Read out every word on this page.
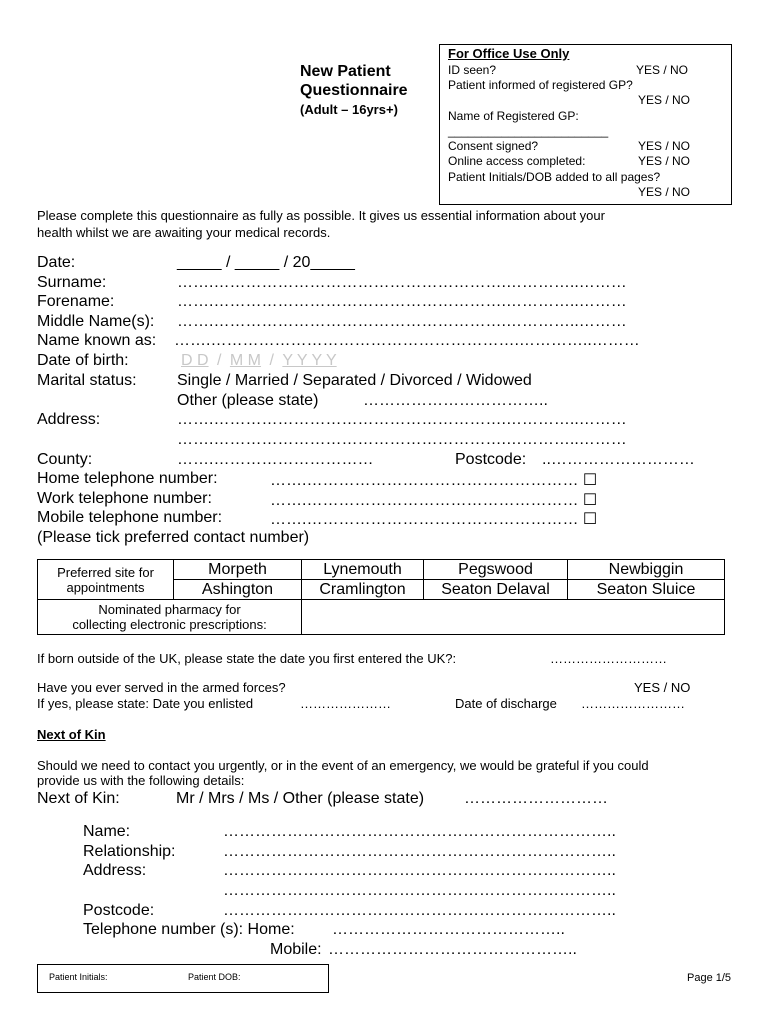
New Patient
Questionnaire
(Adult – 16yrs+)
For Office Use Only
ID seen?	YES / NO
Patient informed of registered GP?
YES / NO
Name of Registered GP:
________________________
Consent signed?	YES / NO
Online access completed:	YES / NO
Patient Initials/DOB added to all pages?
YES / NO
Please complete this questionnaire as fully as possible. It gives us essential information about your
health whilst we are awaiting your medical records.
Date:	_____ / _____ / 20_____
Surname:	…….……………………………………………….…………..………
Forename:	…….……………………………………………….…………..………
Middle Name(s): …….……………………………………………….…………..………
Name known as: …….………………………………………………….…………..………
Date of birth:	D D / M M / Y Y Y Y
Marital status:	Single / Married / Separated / Divorced / Widowed
Other (please state)	……………………………..
Address:	…….……………………………………………….…………..………
…….……………………………………………….…………..………
County:	…….…………………………	Postcode: ..………………………
Home telephone number:	…….…………………………………………… ☐
Work telephone number:	…….…………………………………………… ☐
Mobile telephone number:	…….…………………………………………… ☐
(Please tick preferred contact number)
Preferred site for
appointments	Morpeth	Lynemouth	Pegswood	Newbiggin
	Ashington	Cramlington	Seaton Delaval	Seaton Sluice
Nominated pharmacy for
collecting electronic prescriptions:				
If born outside of the UK, please state the date you first entered the UK?:	………………………
Have you ever served in the armed forces?	YES / NO
If yes, please state: Date you enlisted	…………………	Date of discharge ……………………
Next of Kin
Should we need to contact you urgently, or in the event of an emergency, we would be grateful if you could
provide us with the following details:
Next of Kin:	Mr / Mrs / Ms / Other (please state) ………………………
Name:	………………………………………………………………..
Relationship:	………………………………………………………………..
Address:	………………………………………………………………..
………………………………………………………………..
Postcode:	………………………………………………………………..
Telephone number (s): Home: ……………………………………..
Mobile: ………………………………………..
Patient Initials:	Patient DOB:	Page 1/5
